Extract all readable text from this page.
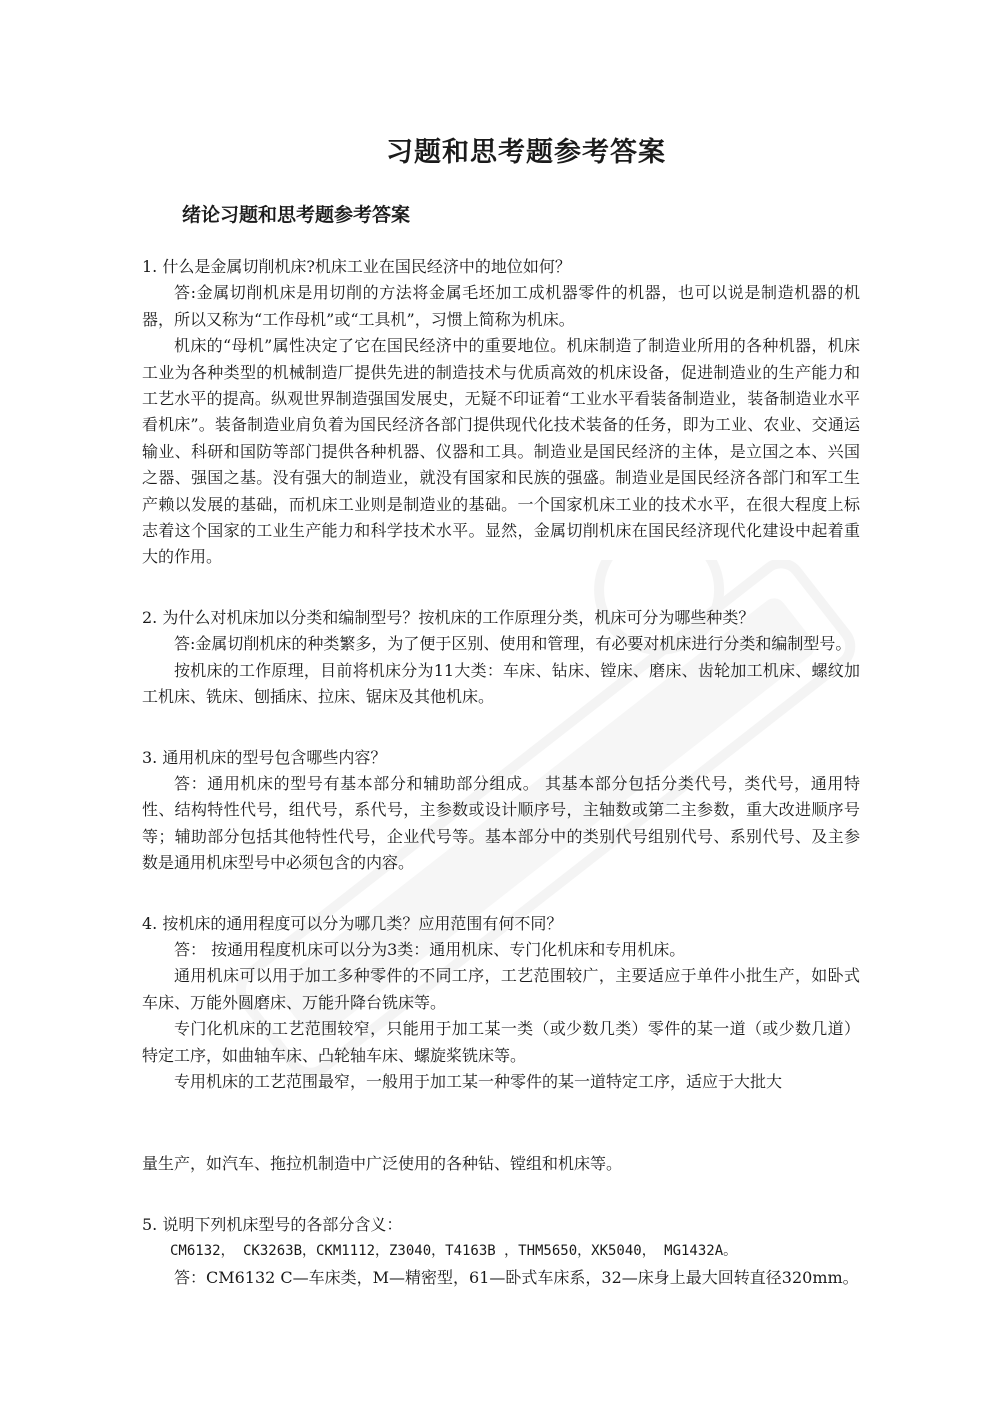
习题和思考题参考答案
绪论习题和思考题参考答案

1. 什么是金属切削机床?机床工业在国民经济中的地位如何？

答:金属切削机床是用切削的方法将金属毛坯加工成机器零件的机器，也可以说是制造机器的机器，所以又称为“工作母机”或“工具机”，习惯上简称为机床。

机床的“母机”属性决定了它在国民经济中的重要地位。机床制造了制造业所用的各种机器，机床工业为各种类型的机械制造厂提供先进的制造技术与优质高效的机床设备，促进制造业的生产能力和工艺水平的提高。纵观世界制造强国发展史，无疑不印证着“工业水平看装备制造业，装备制造业水平看机床”。装备制造业肩负着为国民经济各部门提供现代化技术装备的任务，即为工业、农业、交通运输业、科研和国防等部门提供各种机器、仪器和工具。制造业是国民经济的主体，是立国之本、兴国之器、强国之基。没有强大的制造业，就没有国家和民族的强盛。制造业是国民经济各部门和军工生产赖以发展的基础，而机床工业则是制造业的基础。一个国家机床工业的技术水平，在很大程度上标志着这个国家的工业生产能力和科学技术水平。显然，金属切削机床在国民经济现代化建设中起着重大的作用。

2. 为什么对机床加以分类和编制型号？按机床的工作原理分类，机床可分为哪些种类？

答:金属切削机床的种类繁多，为了便于区别、使用和管理，有必要对机床进行分类和编制型号。

按机床的工作原理，目前将机床分为11大类：车床、钻床、镗床、磨床、齿轮加工机床、螺纹加工机床、铣床、刨插床、拉床、锯床及其他机床。

3. 通用机床的型号包含哪些内容？

答：通用机床的型号有基本部分和辅助部分组成。 其基本部分包括分类代号，类代号，通用特性、结构特性代号，组代号，系代号，主参数或设计顺序号，主轴数或第二主参数，重大改进顺序号等；辅助部分包括其他特性代号，企业代号等。基本部分中的类别代号组别代号、系别代号、及主参数是通用机床型号中必须包含的内容。

4. 按机床的通用程度可以分为哪几类？应用范围有何不同？

答： 按通用程度机床可以分为3类：通用机床、专门化机床和专用机床。

通用机床可以用于加工多种零件的不同工序，工艺范围较广，主要适应于单件小批生产，如卧式车床、万能外圆磨床、万能升降台铣床等。

专门化机床的工艺范围较窄，只能用于加工某一类（或少数几类）零件的某一道（或少数几道）特定工序，如曲轴车床、凸轮轴车床、螺旋桨铣床等。

专用机床的工艺范围最窄，一般用于加工某一种零件的某一道特定工序，适应于大批大

量生产，如汽车、拖拉机制造中广泛使用的各种钻、镗组和机床等。

5. 说明下列机床型号的各部分含义：

CM6132， CK3263B，CKM1112，Z3040，T4163B ，THM5650，XK5040， MG1432A。

答：CM6132 C—车床类，M—精密型，61—卧式车床系，32—床身上最大回转直径320mm。
